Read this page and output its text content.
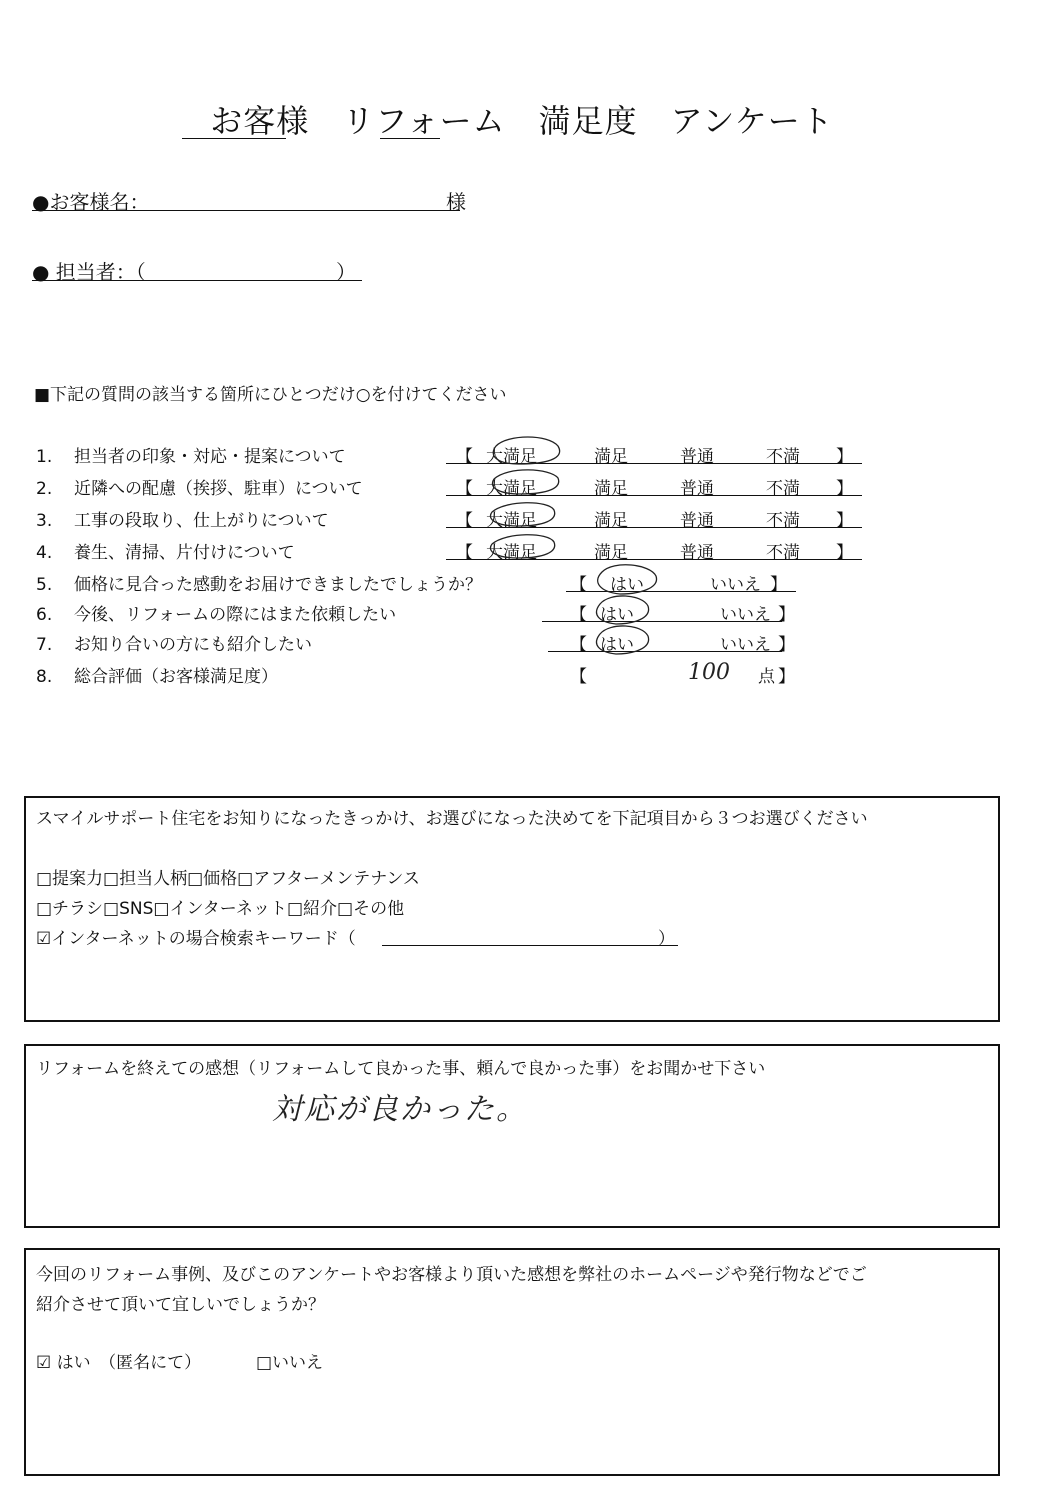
お客様　リフォーム　満足度　アンケート
●お客様名：	様
● 担当者：（	）
■下記の質問の該当する箇所にひとつだけ○を付けてください
1. 担当者の印象・対応・提案について	【 大満足	満足	普通	不満 】
2. 近隣への配慮（挨拶、駐車）について	【 大満足	満足	普通	不満 】
3. 工事の段取り、仕上がりについて	【 大満足	満足	普通	不満 】
4. 養生、清掃、片付けについて	【 大満足	満足	普通	不満 】
5. 価格に見合った感動をお届けできましたでしょうか？	【 はい	いいえ 】
6. 今後、リフォームの際にはまた依頼したい	【 はい	いいえ 】
7. お知り合いの方にも紹介したい	【 はい	いいえ 】
8. 総合評価（お客様満足度）	【	100 点 】
スマイルサポート住宅をお知りになったきっかけ、お選びになった決めてを下記項目から３つお選びください
□提案力□担当人柄□価格□アフターメンテナンス
□チラシ□SNS□インターネット□紹介□その他
☑インターネットの場合検索キーワード（	）
リフォームを終えての感想（リフォームして良かった事、頼んで良かった事）をお聞かせ下さい
対応が良かった。
今回のリフォーム事例、及びこのアンケートやお客様より頂いた感想を弊社のホームページや発行物などでご
紹介させて頂いて宜しいでしょうか？
☑ はい　（匿名にて）	□いいえ
